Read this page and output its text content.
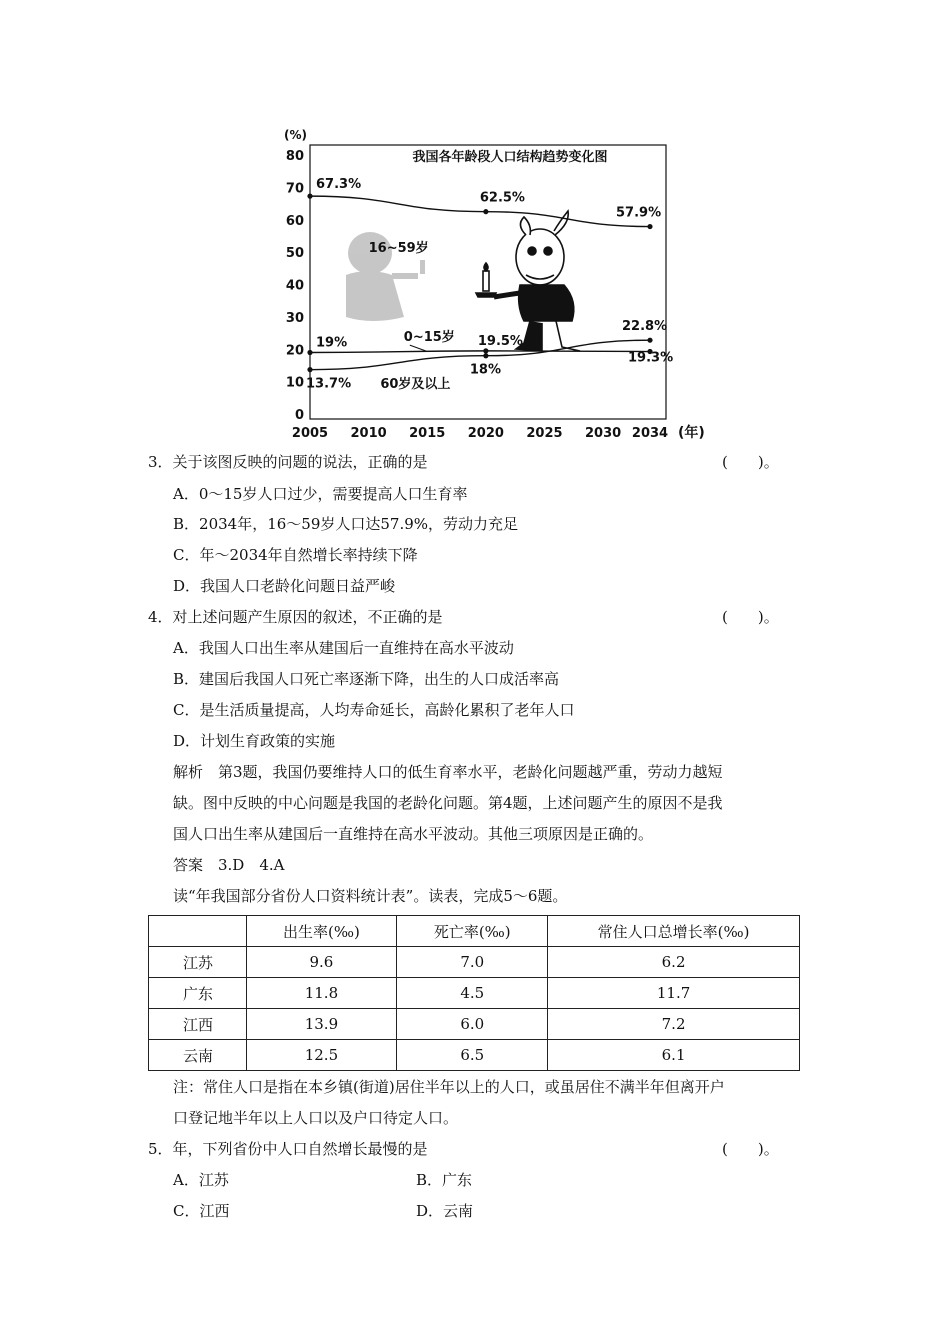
(%)
80
70
60
50
40
30
20
10
0
2005 2010 2015 2020 2025 2030 2034 (年)
我国各年龄段人口结构趋势变化图
67.3%
62.5%
57.9%
16~59岁
19%	19.5%
19.3%
0~15岁
13.7%
18%
22.8%
60岁及以上
3．关于该图反映的问题的说法，正确的是	(　　)。
A．0～15岁人口过少，需要提高人口生育率
B．2034年，16～59岁人口达57.9%，劳动力充足
C．年～2034年自然增长率持续下降
D．我国人口老龄化问题日益严峻
4．对上述问题产生原因的叙述，不正确的是	(　　)。
A．我国人口出生率从建国后一直维持在高水平波动
B．建国后我国人口死亡率逐渐下降，出生的人口成活率高
C．是生活质量提高，人均寿命延长，高龄化累积了老年人口
D．计划生育政策的实施
解析　第3题，我国仍要维持人口的低生育率水平，老龄化问题越严重，劳动力越短
缺。图中反映的中心问题是我国的老龄化问题。第4题，上述问题产生的原因不是我
国人口出生率从建国后一直维持在高水平波动。其他三项原因是正确的。
答案　3.D　4.A
读“年我国部分省份人口资料统计表”。读表，完成5～6题。
	出生率(‰)	死亡率(‰)	常住人口总增长率(‰)
江苏	9.6	7.0	6.2
广东	11.8	4.5	11.7
江西	13.9	6.0	7.2
云南	12.5	6.5	6.1
注：常住人口是指在本乡镇(街道)居住半年以上的人口，或虽居住不满半年但离开户
口登记地半年以上人口以及户口待定人口。
5．年，下列省份中人口自然增长最慢的是	(　　)。
A．江苏	B．广东
C．江西	D．云南
